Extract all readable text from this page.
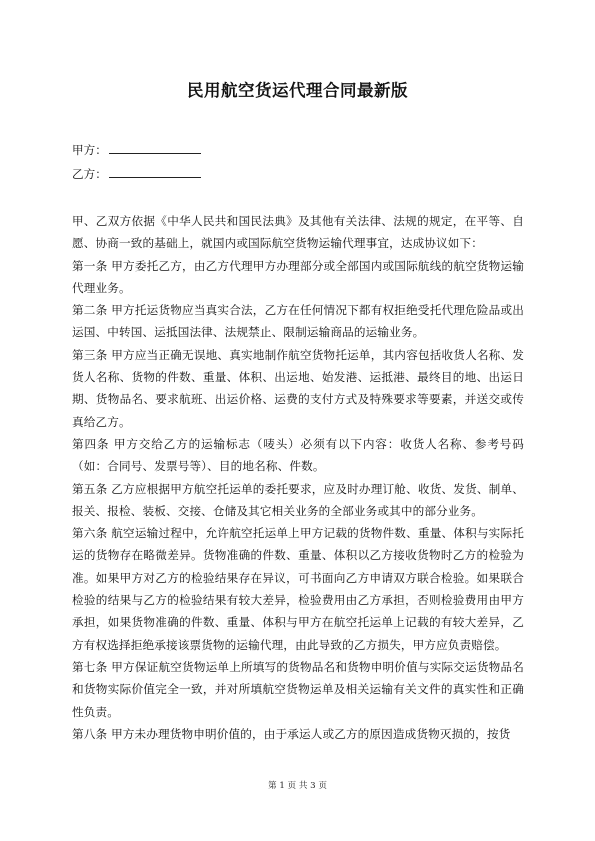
民用航空货运代理合同最新版
甲方：
乙方：

甲、乙双方依据《中华人民共和国民法典》及其他有关法律、法规的规定，在平等、自愿、协商一致的基础上，就国内或国际航空货物运输代理事宜，达成协议如下：

第一条 甲方委托乙方，由乙方代理甲方办理部分或全部国内或国际航线的航空货物运输代理业务。

第二条 甲方托运货物应当真实合法，乙方在任何情况下都有权拒绝受托代理危险品或出运国、中转国、运抵国法律、法规禁止、限制运输商品的运输业务。

第三条 甲方应当正确无误地、真实地制作航空货物托运单，其内容包括收货人名称、发货人名称、货物的件数、重量、体积、出运地、始发港、运抵港、最终目的地、出运日期、货物品名、要求航班、出运价格、运费的支付方式及特殊要求等要素，并送交或传真给乙方。

第四条 甲方交给乙方的运输标志（唛头）必须有以下内容：收货人名称、参考号码（如：合同号、发票号等）、目的地名称、件数。

第五条 乙方应根据甲方航空托运单的委托要求，应及时办理订舱、收货、发货、制单、报关、报检、装板、交接、仓储及其它相关业务的全部业务或其中的部分业务。

第六条 航空运输过程中，允许航空托运单上甲方记载的货物件数、重量、体积与实际托运的货物存在略微差异。货物准确的件数、重量、体积以乙方接收货物时乙方的检验为准。如果甲方对乙方的检验结果存在异议，可书面向乙方申请双方联合检验。如果联合检验的结果与乙方的检验结果有较大差异，检验费用由乙方承担，否则检验费用由甲方承担，如果货物准确的件数、重量、体积与甲方在航空托运单上记载的有较大差异，乙方有权选择拒绝承接该票货物的运输代理，由此导致的乙方损失，甲方应负责赔偿。

第七条 甲方保证航空货物运单上所填写的货物品名和货物申明价值与实际交运货物品名和货物实际价值完全一致，并对所填航空货物运单及相关运输有关文件的真实性和正确性负责。

第八条 甲方未办理货物申明价值的，由于承运人或乙方的原因造成货物灭损的，按货

第 1 页 共 3 页
